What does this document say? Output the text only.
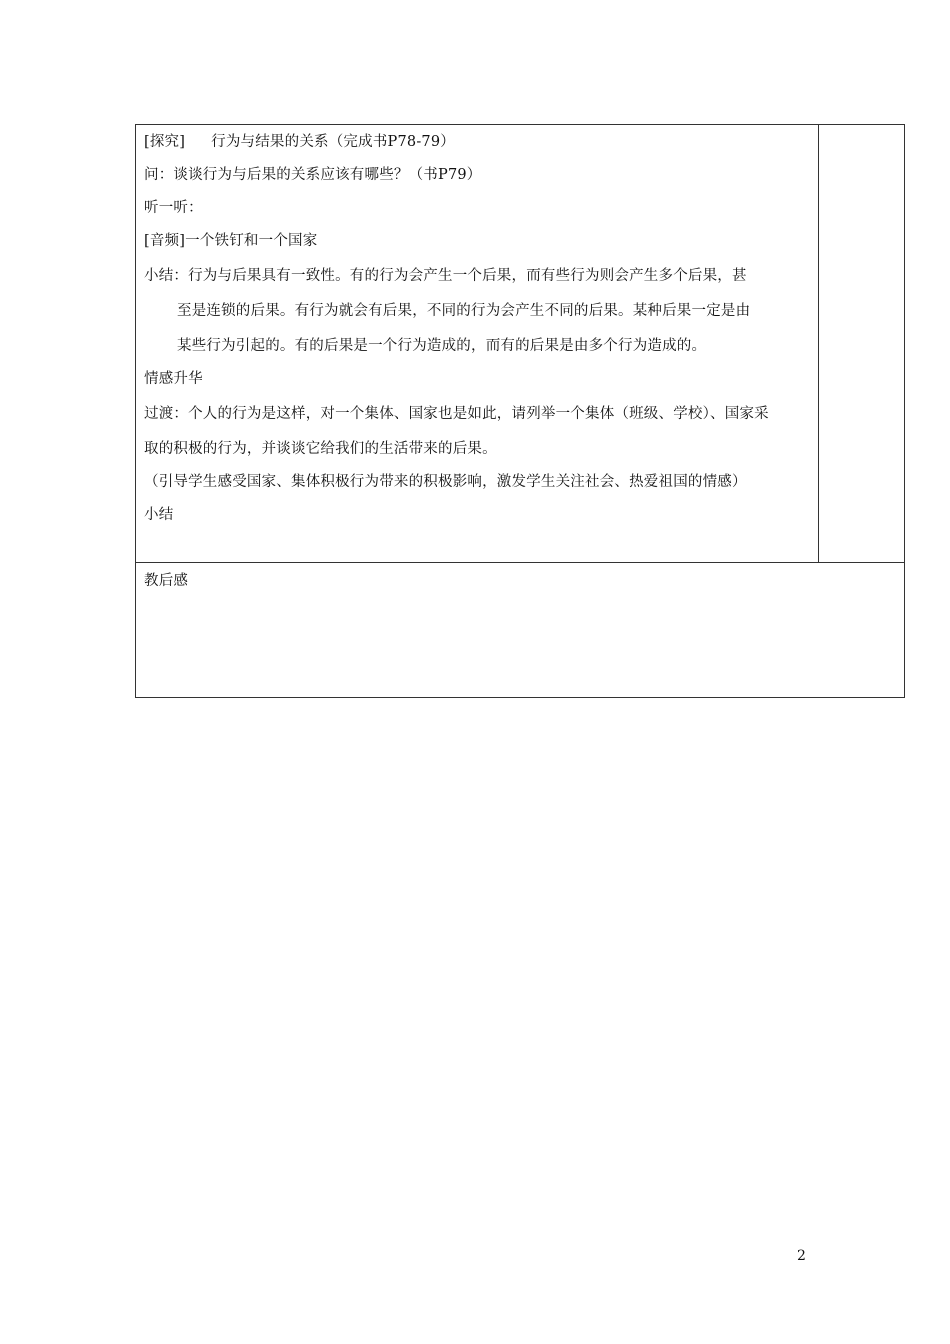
[探究] 行为与结果的关系（完成书P78-79）
问：谈谈行为与后果的关系应该有哪些？（书P79）
听一听：
[音频]一个铁钉和一个国家
小结：行为与后果具有一致性。有的行为会产生一个后果，而有些行为则会产生多个后果，甚
至是连锁的后果。有行为就会有后果，不同的行为会产生不同的后果。某种后果一定是由
某些行为引起的。有的后果是一个行为造成的，而有的后果是由多个行为造成的。
情感升华
过渡：个人的行为是这样，对一个集体、国家也是如此，请列举一个集体（班级、学校）、国家采
取的积极的行为，并谈谈它给我们的生活带来的后果。
（引导学生感受国家、集体积极行为带来的积极影响，激发学生关注社会、热爱祖国的情感）
小结
教后感
2
